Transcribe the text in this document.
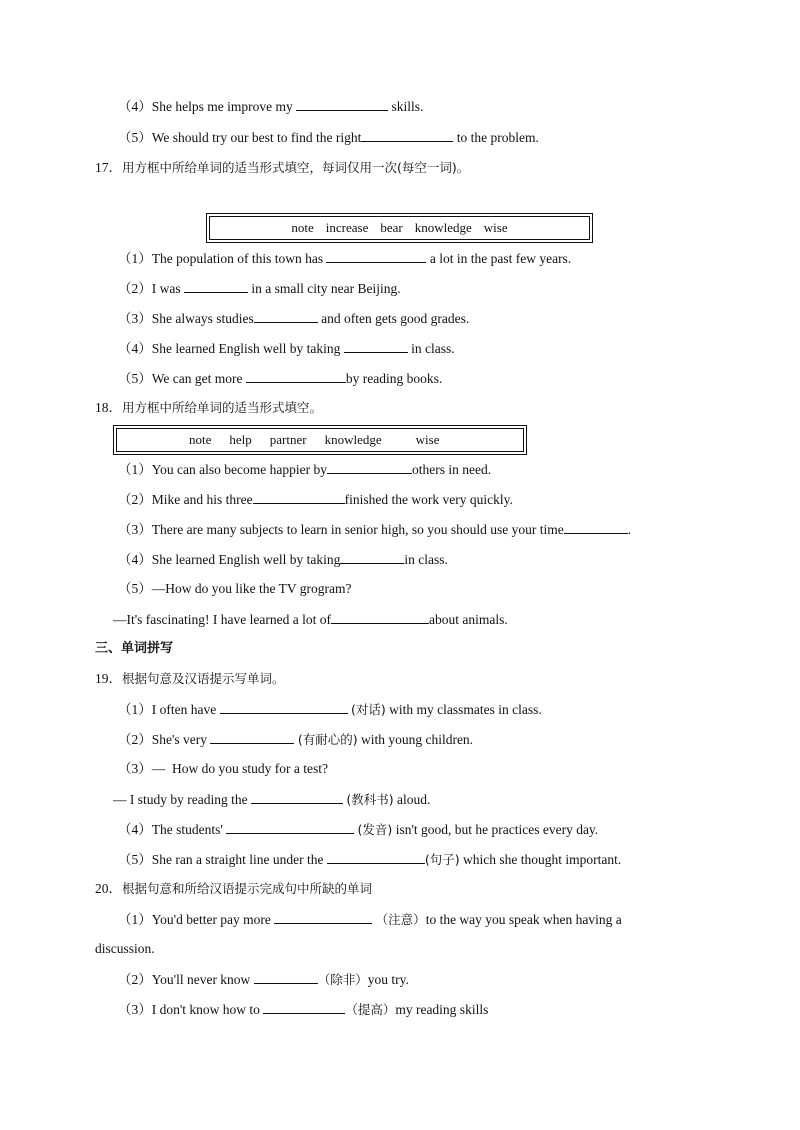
（4）She helps me improve my	skills.
（5）We should try our best to find the right	to the problem.
17．用方框中所给单词的适当形式填空，每词仅用一次(每空一词)。
note increase bear knowledge wise
（1）The population of this town has	a lot in the past few years.
（2）I was	in a small city near Beijing.
（3）She always studies	and often gets good grades.
（4）She learned English well by taking	in class.
（5）We can get more	by reading books.
18．用方框中所给单词的适当形式填空。
note help partner knowledge	wise
（1）You can also become happier by	others in need.
（2）Mike and his three	finished the work very quickly.
（3）There are many subjects to learn in senior high, so you should use your time	.
（4）She learned English well by taking	in class.
（5）—How do you like the TV grogram?
—It's fascinating! I have learned a lot of	about animals.
三、单词拼写
19．根据句意及汉语提示写单词。
（1）I often have	(对话) with my classmates in class.
（2）She's very	(有耐心的) with young children.
（3）—  How do you study for a test?
— I study by reading the	(教科书) aloud.
（4）The students'	(发音) isn't good, but he practices every day.
（5）She ran a straight line under the	(句子) which she thought important.
20．根据句意和所给汉语提示完成句中所缺的单词
（1）You'd better pay more	（注意）to the way you speak when having a
discussion.
（2）You'll never know	（除非）you try.
（3）I don't know how to	（提高）my reading skills
